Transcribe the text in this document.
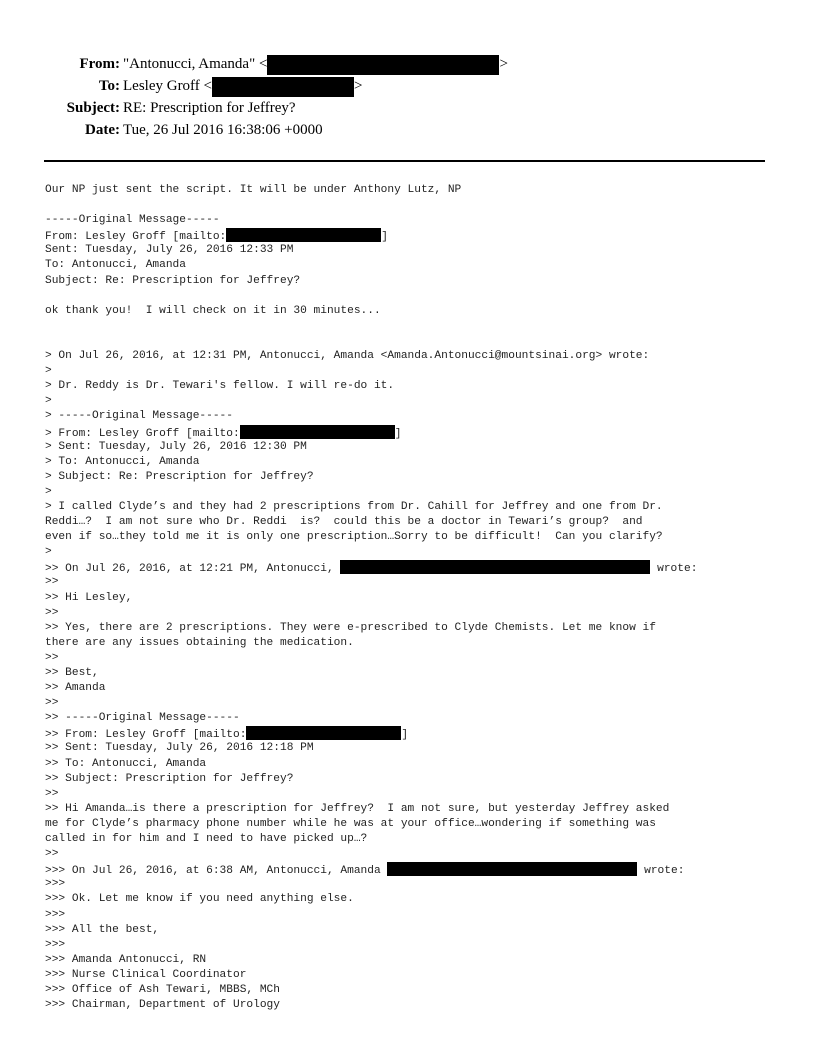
From: "Antonucci, Amanda" <	>
To: Lesley Groff <	>
Subject: RE: Prescription for Jeffrey?
Date: Tue, 26 Jul 2016 16:38:06 +0000
Our NP just sent the script. It will be under Anthony Lutz, NP
-----Original Message-----
From: Lesley Groff [mailto:	]
Sent: Tuesday, July 26, 2016 12:33 PM
To: Antonucci, Amanda
Subject: Re: Prescription for Jeffrey?
ok thank you!  I will check on it in 30 minutes...
> On Jul 26, 2016, at 12:31 PM, Antonucci, Amanda <Amanda.Antonucci@mountsinai.org> wrote:
>
> Dr. Reddy is Dr. Tewari's fellow. I will re-do it.
>
> -----Original Message-----
> From: Lesley Groff [mailto:	]
> Sent: Tuesday, July 26, 2016 12:30 PM
> To: Antonucci, Amanda
> Subject: Re: Prescription for Jeffrey?
>
> I called Clyde’s and they had 2 prescriptions from Dr. Cahill for Jeffrey and one from Dr.
Reddi…?  I am not sure who Dr. Reddi  is?  could this be a doctor in Tewari’s group?  and
even if so…they told me it is only one prescription…Sorry to be difficult!  Can you clarify?
>
>> On Jul 26, 2016, at 12:21 PM, Antonucci,	wrote:
>>
>> Hi Lesley,
>>
>> Yes, there are 2 prescriptions. They were e-prescribed to Clyde Chemists. Let me know if
there are any issues obtaining the medication.
>>
>> Best,
>> Amanda
>>
>> -----Original Message-----
>> From: Lesley Groff [mailto:	]
>> Sent: Tuesday, July 26, 2016 12:18 PM
>> To: Antonucci, Amanda
>> Subject: Prescription for Jeffrey?
>>
>> Hi Amanda…is there a prescription for Jeffrey?  I am not sure, but yesterday Jeffrey asked
me for Clyde’s pharmacy phone number while he was at your office…wondering if something was
called in for him and I need to have picked up…?
>>
>>> On Jul 26, 2016, at 6:38 AM, Antonucci, Amanda	wrote:
>>>
>>> Ok. Let me know if you need anything else.
>>>
>>> All the best,
>>>
>>> Amanda Antonucci, RN
>>> Nurse Clinical Coordinator
>>> Office of Ash Tewari, MBBS, MCh
>>> Chairman, Department of Urology
